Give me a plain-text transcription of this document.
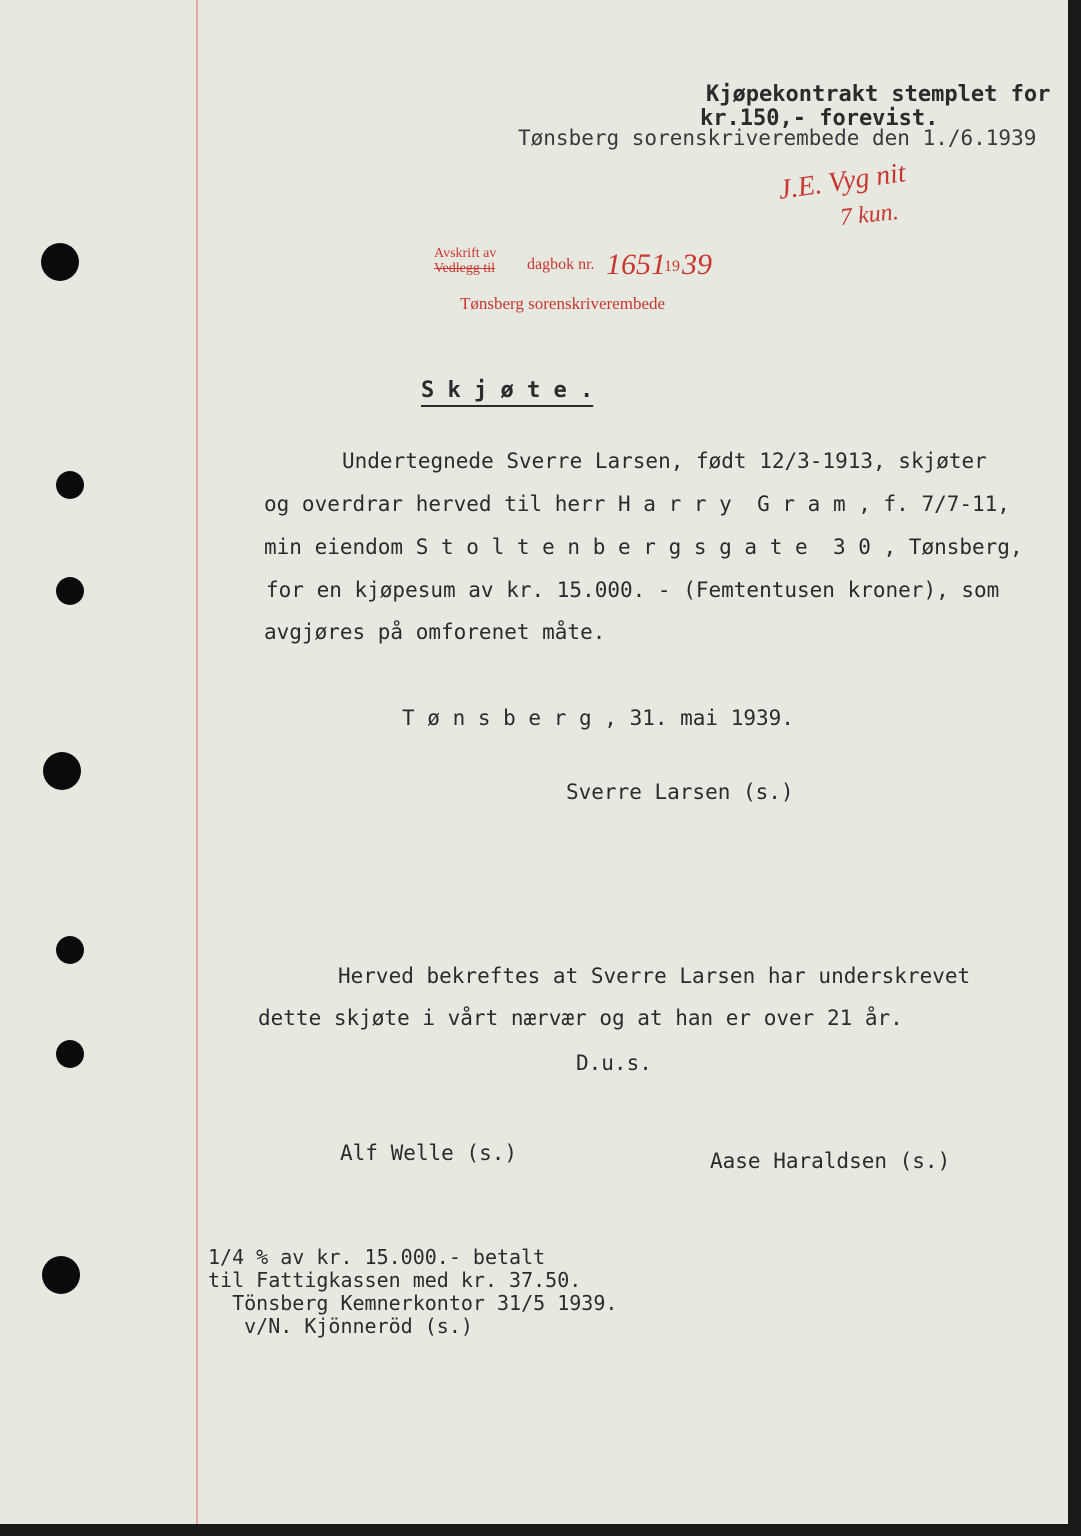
Kjøpekontrakt stemplet for
kr.150,- forevist.
Tønsberg sorenskriverembede den 1./6.1939
J.E. Vyg nit
7 kun.
Avskrift av
Vedlegg til dagbok nr. 1651
19 39
Tønsberg sorenskriverembede
S k j ø t e .
Undertegnede Sverre Larsen, født 12/3-1913, skjøter
og overdrar herved til herr H a r r y  G r a m , f. 7/7-11,
min eiendom S t o l t e n b e r g s g a t e  3 0 , Tønsberg,
for en kjøpesum av kr. 15.000. - (Femtentusen kroner), som
avgjøres på omforenet måte.
T ø n s b e r g , 31. mai 1939.
Sverre Larsen (s.)
Herved bekreftes at Sverre Larsen har underskrevet
dette skjøte i vårt nærvær og at han er over 21 år.
D.u.s.
Alf Welle (s.)	Aase Haraldsen (s.)
1/4 % av kr. 15.000.- betalt
til Fattigkassen med kr. 37.50.
Tönsberg Kemnerkontor 31/5 1939.
v/N. Kjönneröd (s.)
